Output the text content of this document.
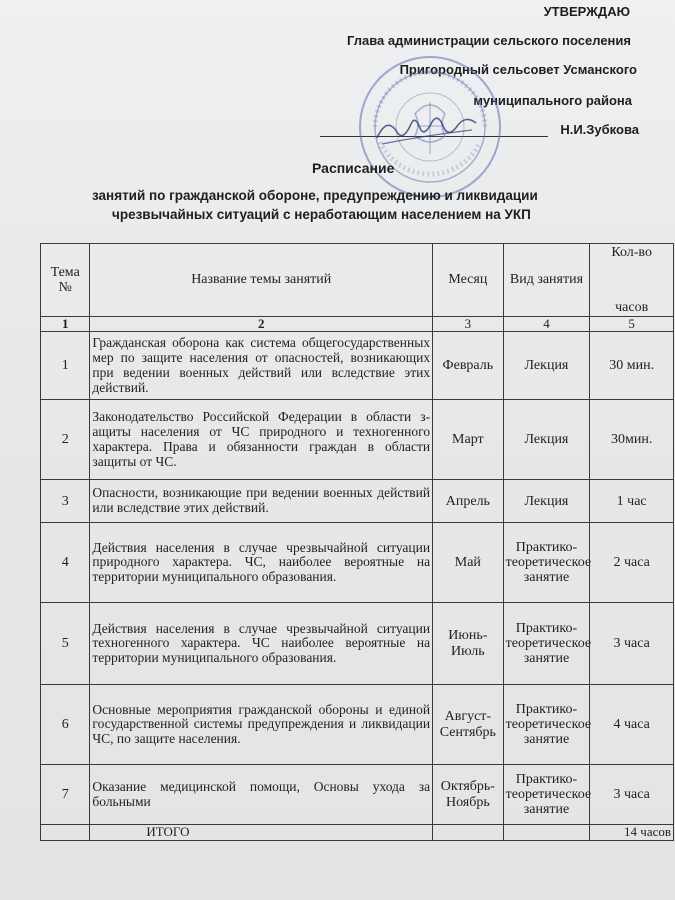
УТВЕРЖДАЮ
Глава администрации сельского поселения
Пригородный сельсовет Усманского
муниципального района
Н.И.Зубкова
Расписание
занятий по гражданской обороне, предупреждению и ликвидации
чрезвычайных ситуаций с неработающим населением на УКП
Тема №	Название темы занятий	Месяц	Вид занятия	Кол-во
часов

1	2	3	4	5
1	Гражданская оборона как система общегосударственных мер по защите населения от опасностей, возникающих при ведении военных действий или вследствие этих действий.	Февраль	Лекция	30 мин.
2	Законодательство Российской Федерации в области з-ащиты населения от ЧС природного и техногенного характера. Права и обязанности граждан в области защиты от ЧС.	Март	Лекция	30мин.
3	Опасности, возникающие при ведении военных действий или вследствие этих действий.	Апрель	Лекция	1 час
4	Действия населения в случае чрезвычайной ситуации природного характера. ЧС, наиболее вероятные на территории муниципального образования.	Май	Практико-теоретическое занятие	2 часа
5	Действия населения в случае чрезвычайной ситуации техногенного характера. ЧС наиболее вероятные на территории муниципального образования.	Июнь-Июль	Практико-теоретическое занятие	3 часа
6	Основные мероприятия гражданской обороны и единой государственной системы предупреждения и ликвидации ЧС, по защите населения.	Август-Сентябрь	Практико-теоретическое занятие	4 часа
7	Оказание медицинской помощи, Основы ухода за больными	Октябрь-Ноябрь	Практико-теоретическое занятие	3 часа
	ИТОГО			14 часов
